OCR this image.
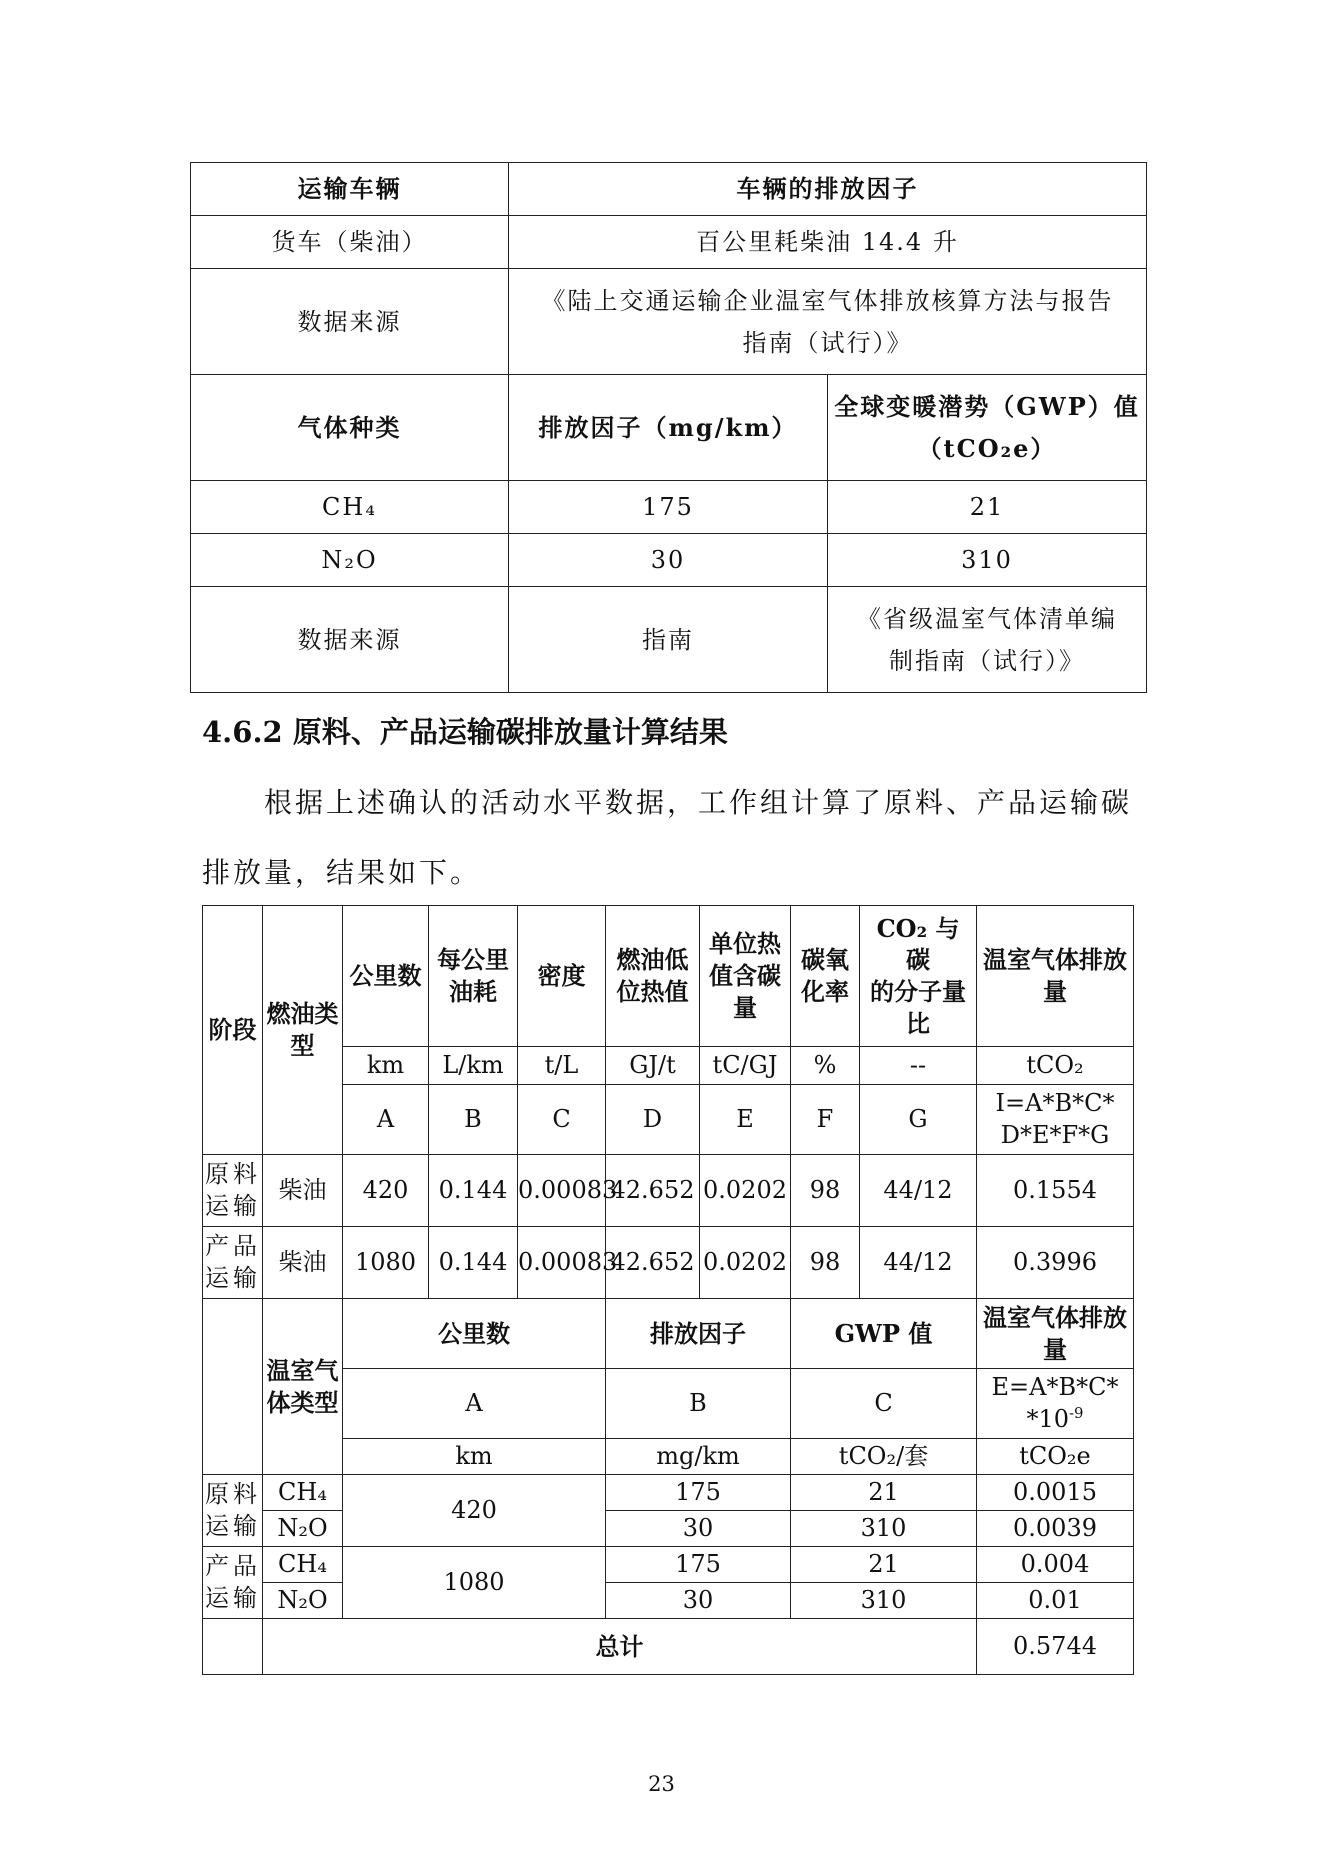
运输车辆	车辆的排放因子	
货车（柴油）	百公里耗柴油 14.4 升	
数据来源	《陆上交通运输企业温室气体排放核算方法与报告
指南（试行）》	

气体种类	排放因子（mg/km）	全球变暖潜势（GWP）值
（tCO₂e）

CH₄	175	21
N₂O	30	310
数据来源	指南	《省级温室气体清单编
制指南（试行）》
4.6.2 原料、产品运输碳排放量计算结果

根据上述确认的活动水平数据，工作组计算了原料、产品运输碳排放量，结果如下。

阶段	燃油类型	公里数	每公里油耗	密度	燃油低位热值	单位热值含碳量	碳氧化率	CO₂ 与
碳
的分子量比	温室气体排放量
		km	L/km	t/L	GJ/t	tC/GJ	%	--	tCO₂
		A	B	C	D	E	F	G	I=A*B*C*
D*E*F*G

原料运输	柴油	420	0.144	0.00083	42.652	0.0202	98	44/12	0.1554
产品运输	柴油	1080	0.144	0.00083	42.652	0.0202	98	44/12	0.3996
	温室气体类型	公里数			排放因子		GWP 值		温室气体排放量
		A			B		C		E=A*B*C*
$*10^{-9}$

		km			mg/km		tCO₂/套		tCO₂e
原料运输	CH₄	420			175		21		0.0015
	N₂O				30		310		0.0039
产品运输	CH₄	1080			175		21		0.004
	N₂O				30		310		0.01
	总计								0.5744
23
